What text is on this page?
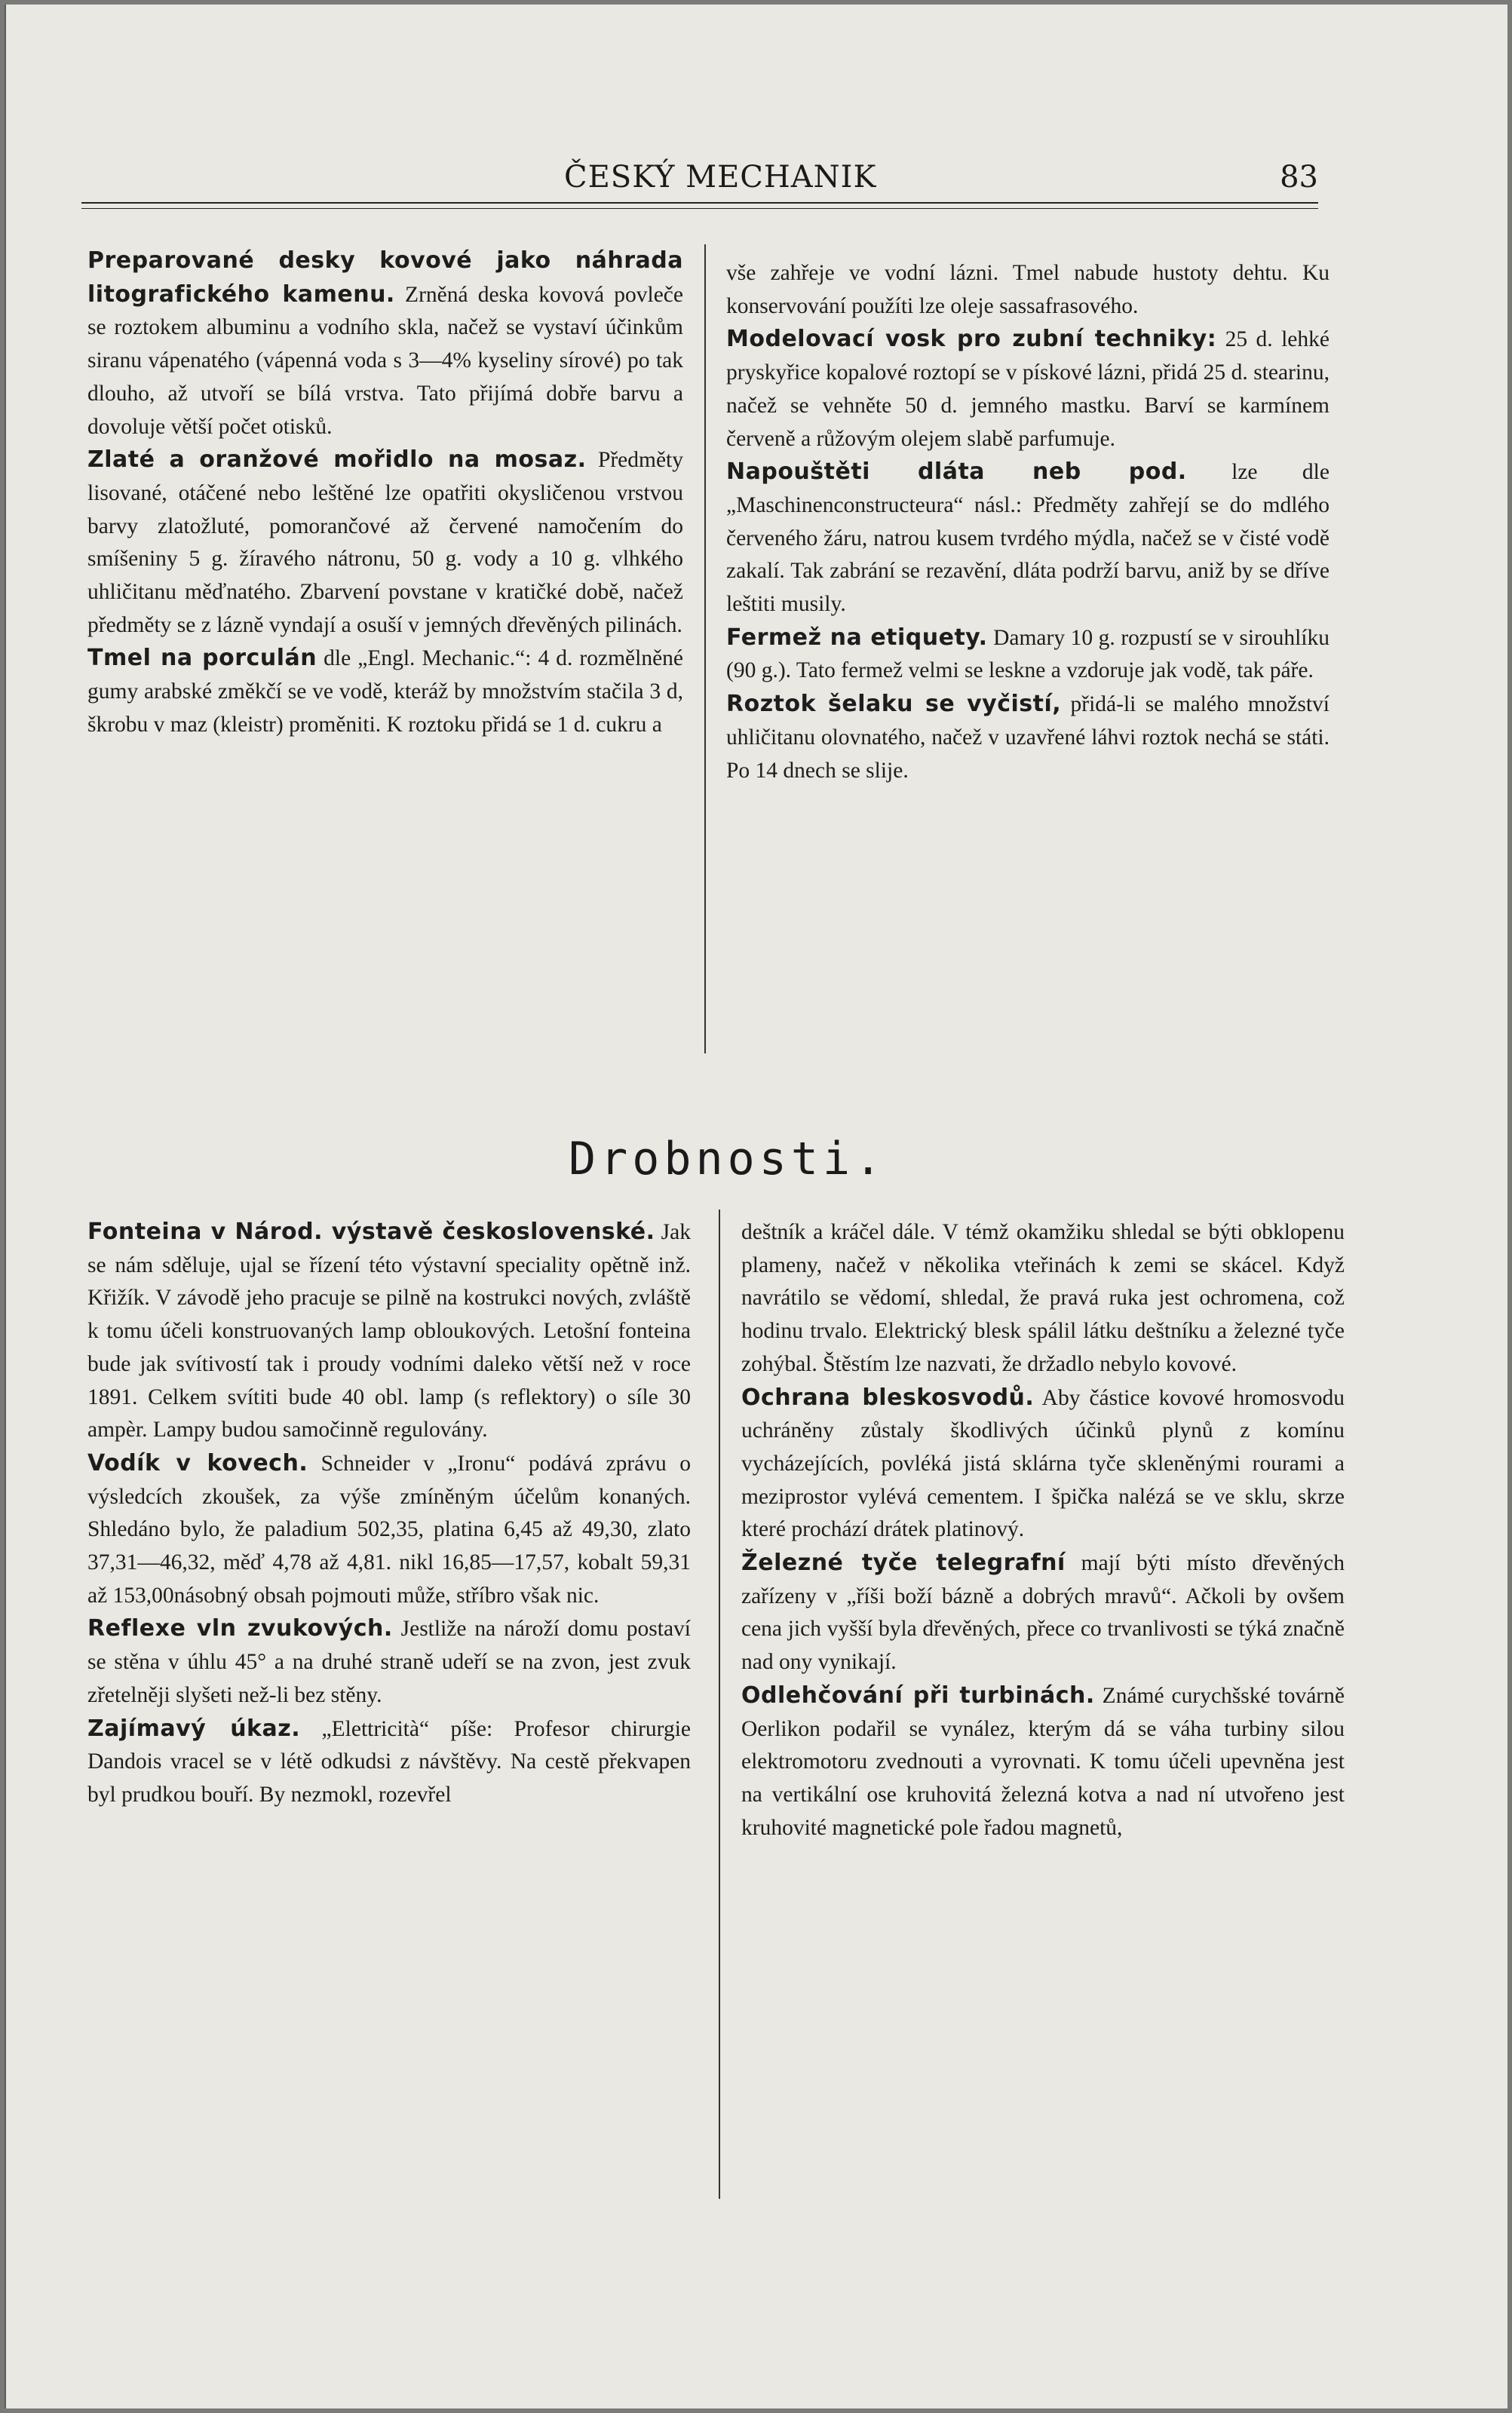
ČESKÝ MECHANIK	83

Preparované desky kovové jako náhrada litografického kamenu. Zrněná deska kovová povleče se roztokem albuminu a vodního skla, načež se vystaví účinkům siranu vápenatého (vápenná voda s 3—4% kyseliny sírové) po tak dlouho, až utvoří se bílá vrstva. Tato přijímá dobře barvu a dovoluje větší počet otisků.

Zlaté a oranžové mořidlo na mosaz. Předměty lisované, otáčené nebo leštěné lze opatřiti okysličenou vrstvou barvy zlatožluté, pomorančové až červené namočením do smíšeniny 5 g. žíravého nátronu, 50 g. vody a 10 g. vlhkého uhličitanu měďnatého. Zbarvení povstane v kratičké době, načež předměty se z lázně vyndají a osuší v jemných dřevěných pilinách.

Tmel na porculán dle „Engl. Mechanic.“: 4 d. rozmělněné gumy arabské změkčí se ve vodě, kteráž by množstvím stačila 3 d, škrobu v maz (kleistr) proměniti. K roztoku přidá se 1 d. cukru a

vše zahřeje ve vodní lázni. Tmel nabude hustoty dehtu. Ku konservování použíti lze oleje sassafrasového.

Modelovací vosk pro zubní techniky: 25 d. lehké pryskyřice kopalové roztopí se v pískové lázni, přidá 25 d. stearinu, načež se vehněte 50 d. jemného mastku. Barví se karmínem červeně a růžovým olejem slabě parfumuje.

Napouštěti dláta neb pod. lze dle „Maschinenconstructeura“ násl.: Předměty zahřejí se do mdlého červeného žáru, natrou kusem tvrdého mýdla, načež se v čisté vodě zakalí. Tak zabrání se rezavění, dláta podrží barvu, aniž by se dříve leštiti musily.

Fermež na etiquety. Damary 10 g. rozpustí se v sirouhlíku (90 g.). Tato fermež velmi se leskne a vzdoruje jak vodě, tak páře.

Roztok šelaku se vyčistí, přidá-li se malého množství uhličitanu olovnatého, načež v uzavřené láhvi roztok nechá se státi. Po 14 dnech se slije.

Drobnosti.

Fonteina v Národ. výstavě československé. Jak se nám sděluje, ujal se řízení této výstavní speciality opětně inž. Křižík. V závodě jeho pracuje se pilně na kostrukci nových, zvláště k tomu účeli konstruovaných lamp obloukových. Letošní fonteina bude jak svítivostí tak i proudy vodními daleko větší než v roce 1891. Celkem svítiti bude 40 obl. lamp (s reflektory) o síle 30 ampèr. Lampy budou samočinně regulovány.

Vodík v kovech. Schneider v „Ironu“ podává zprávu o výsledcích zkoušek, za výše zmíněným účelům konaných. Shledáno bylo, že paladium 502,35, platina 6,45 až 49,30, zlato 37,31—46,32, měď 4,78 až 4,81. nikl 16,85—17,57, kobalt 59,31 až 153,00násobný obsah pojmouti může, stříbro však nic.

Reflexe vln zvukových. Jestliže na nároží domu postaví se stěna v úhlu 45° a na druhé straně udeří se na zvon, jest zvuk zřetelněji slyšeti než-li bez stěny.

Zajímavý úkaz. „Elettricità“ píše: Profesor chirurgie Dandois vracel se v létě odkudsi z návštěvy. Na cestě překvapen byl prudkou bouří. By nezmokl, rozevřel

deštník a kráčel dále. V témž okamžiku shledal se býti obklopenu plameny, načež v několika vteřinách k zemi se skácel. Když navrátilo se vědomí, shledal, že pravá ruka jest ochromena, což hodinu trvalo. Elektrický blesk spálil látku deštníku a železné tyče zohýbal. Štěstím lze nazvati, že držadlo nebylo kovové.

Ochrana bleskosvodů. Aby částice kovové hromosvodu uchráněny zůstaly škodlivých účinků plynů z komínu vycházejících, povléká jistá sklárna tyče skleněnými rourami a meziprostor vylévá cementem. I špička nalézá se ve sklu, skrze které prochází drátek platinový.

Železné tyče telegrafní mají býti místo dřevěných zařízeny v „říši boží bázně a dobrých mravů“. Ačkoli by ovšem cena jich vyšší byla dřevěných, přece co trvanlivosti se týká značně nad ony vynikají.

Odlehčování při turbinách. Známé curychšské továrně Oerlikon podařil se vynález, kterým dá se váha turbiny silou elektromotoru zvednouti a vyrovnati. K tomu účeli upevněna jest na vertikální ose kruhovitá železná kotva a nad ní utvořeno jest kruhovité magnetické pole řadou magnetů,
